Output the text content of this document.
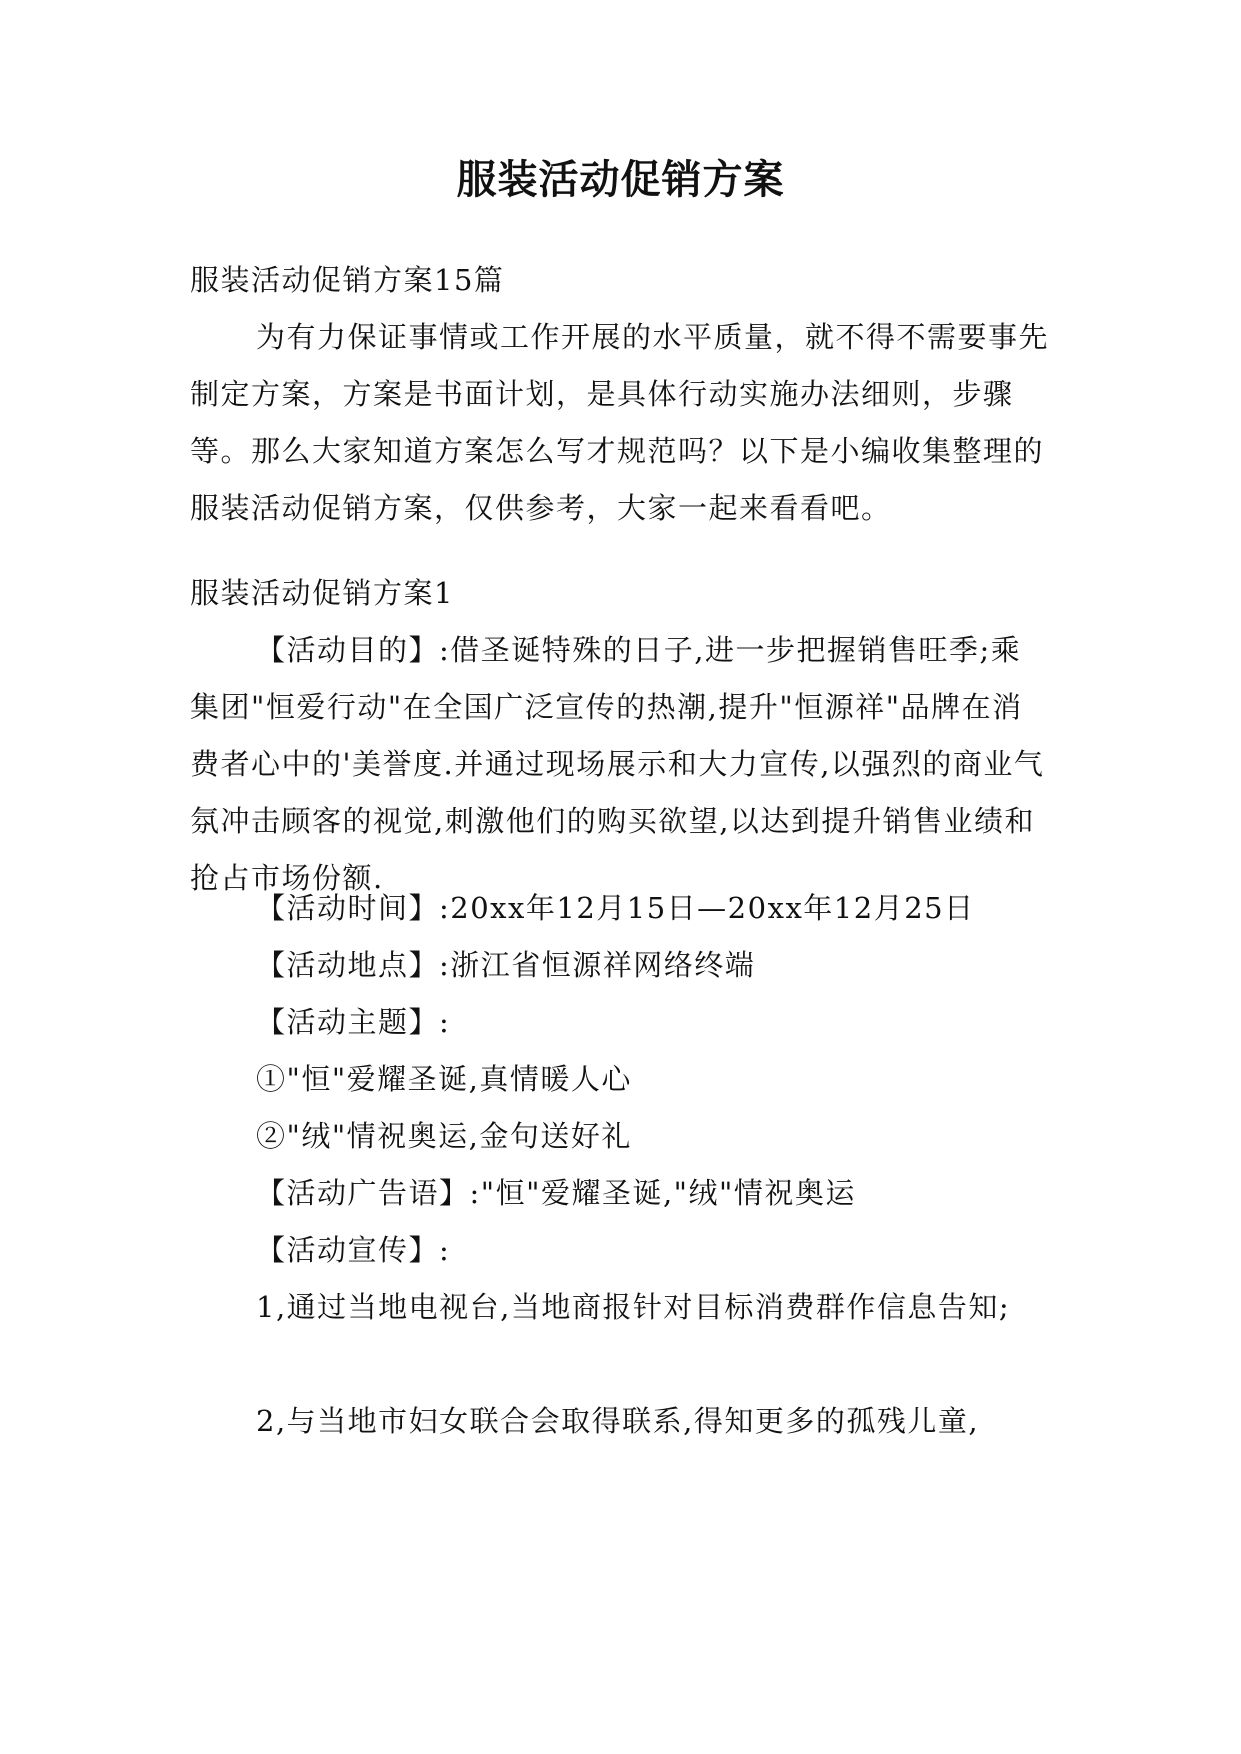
服装活动促销方案

服装活动促销方案15篇

为有力保证事情或工作开展的水平质量，就不得不需要事先制定方案，方案是书面计划，是具体行动实施办法细则，步骤等。那么大家知道方案怎么写才规范吗？以下是小编收集整理的服装活动促销方案，仅供参考，大家一起来看看吧。

服装活动促销方案1

【活动目的】:借圣诞特殊的日子,进一步把握销售旺季;乘集团"恒爱行动"在全国广泛宣传的热潮,提升"恒源祥"品牌在消费者心中的'美誉度.并通过现场展示和大力宣传,以强烈的商业气氛冲击顾客的视觉,刺激他们的购买欲望,以达到提升销售业绩和抢占市场份额.

【活动时间】:20xx年12月15日—20xx年12月25日

【活动地点】:浙江省恒源祥网络终端

【活动主题】:

①"恒"爱耀圣诞,真情暖人心

②"绒"情祝奥运,金句送好礼

【活动广告语】:"恒"爱耀圣诞,"绒"情祝奥运

【活动宣传】:

1,通过当地电视台,当地商报针对目标消费群作信息告知;

2,与当地市妇女联合会取得联系,得知更多的孤残儿童,
